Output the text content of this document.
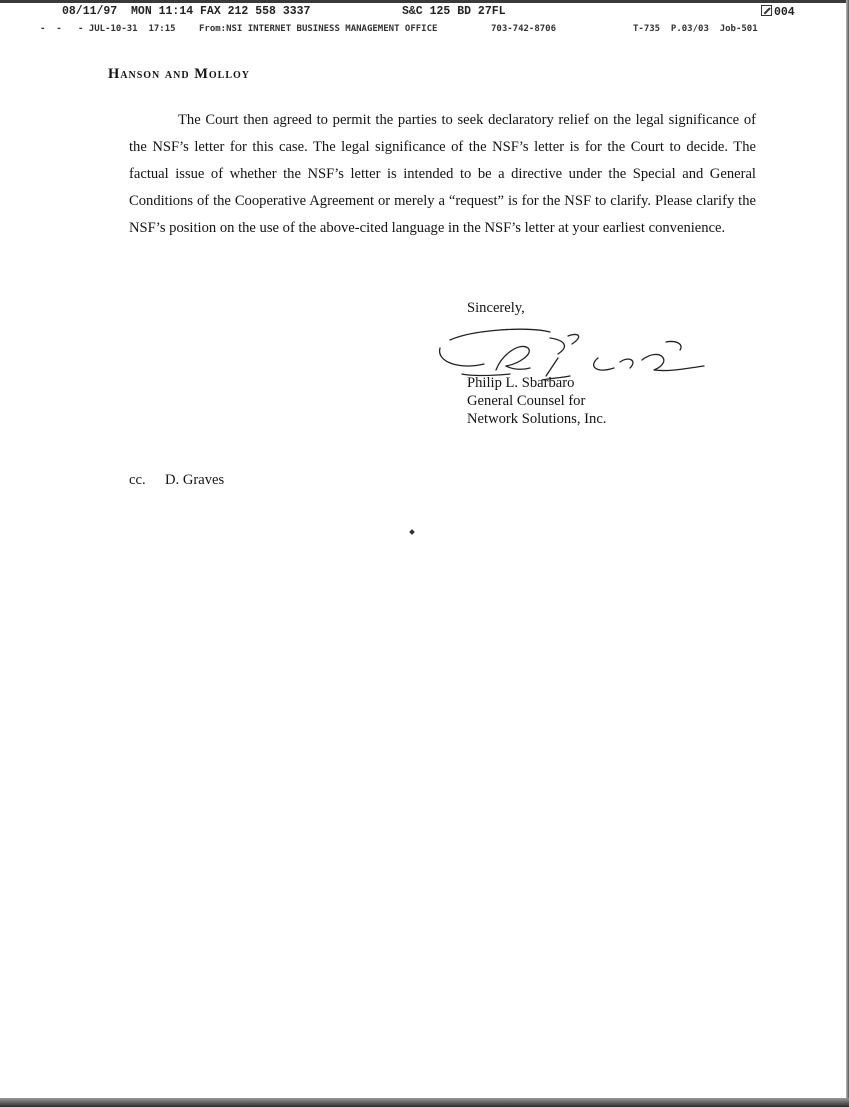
08/11/97  MON 11:14 FAX 212 558 3337

	S&C 125 BD 27FL

	004

-  -

- JUL-10-31  17:15

	From:NSI INTERNET BUSINESS MANAGEMENT OFFICE

	703-742-8706

	T-735  P.03/03  Job-501

Hanson and Molloy

The Court then agreed to permit the parties to seek declaratory relief on the legal significance of the NSF’s letter for this case. The legal significance of the NSF’s letter is for the Court to decide. The factual issue of whether the NSF’s letter is intended to be a directive under the Special and General Conditions of the Cooperative Agreement or merely a “request” is for the NSF to clarify. Please clarify the NSF’s position on the use of the above-cited language in the NSF’s letter at your earliest convenience.

Sincerely,
Philip L. Sbarbaro
General Counsel for
Network Solutions, Inc.
cc. D. Graves
